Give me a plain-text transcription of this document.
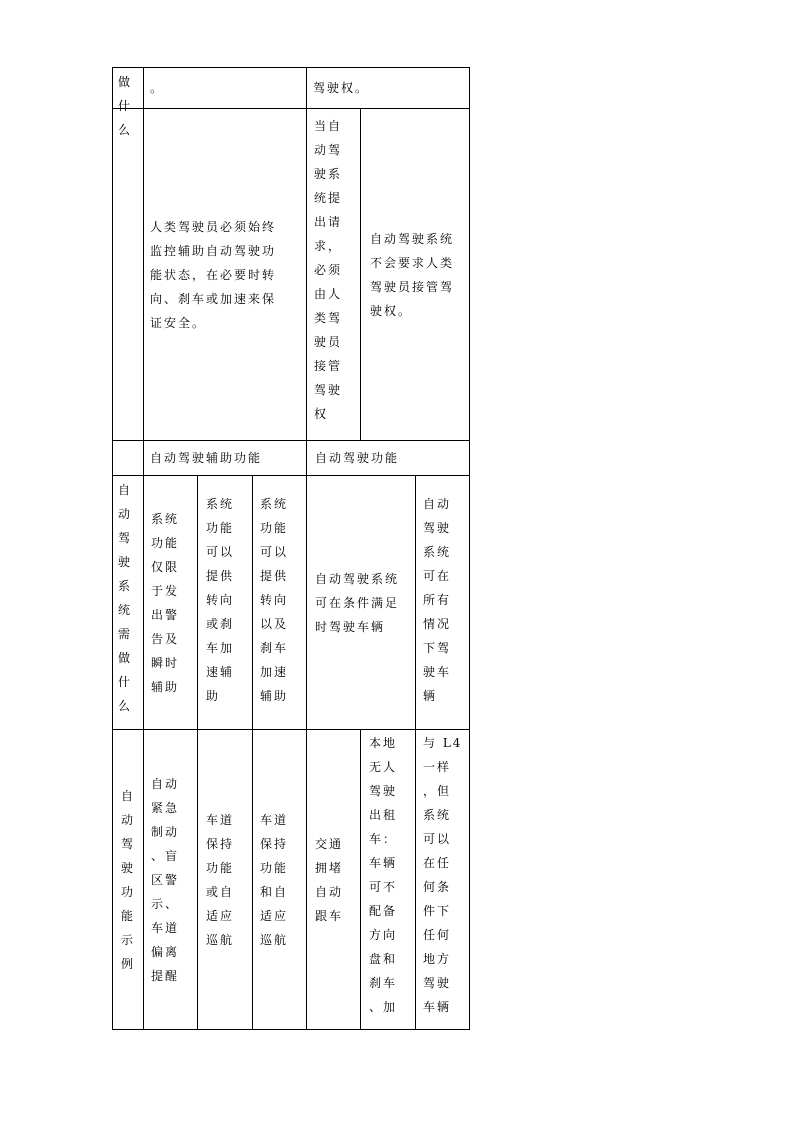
做
什
么
自
动
驾
驶
系
统
需
做
什
么
自
动
驾
驶
功
能
示
例
。	驾驶权。
人类驾驶员必须始终
监控辅助自动驾驶功
能状态，在必要时转
向、刹车或加速来保
证安全。
当自
动驾
驶系
统提
出请
求，
必须
由人
类驾
驶员
接管
驾驶
权
自动驾驶系统
不会要求人类
驾驶员接管驾
驶权。
自动驾驶辅助功能	自动驾驶功能
系统
功能
仅限
于发
出警
告及
瞬时
辅助
系统
功能
可以
提供
转向
或刹
车加
速辅
助
系统
功能
可以
提供
转向
以及
刹车
加速
辅助
自动驾驶系统
可在条件满足
时驾驶车辆
自动
驾驶
系统
可在
所有
情况
下驾
驶车
辆
自动
紧急
制动
、盲
区警
示、
车道
偏离
提醒
车道
保持
功能
或自
适应
巡航
车道
保持
功能
和自
适应
巡航
交通
拥堵
自动
跟车
本地
无人
驾驶
出租
车：
车辆
可不
配备
方向
盘和
刹车
、加
与 L4
一样
，但
系统
可以
在任
何条
件下
任何
地方
驾驶
车辆
